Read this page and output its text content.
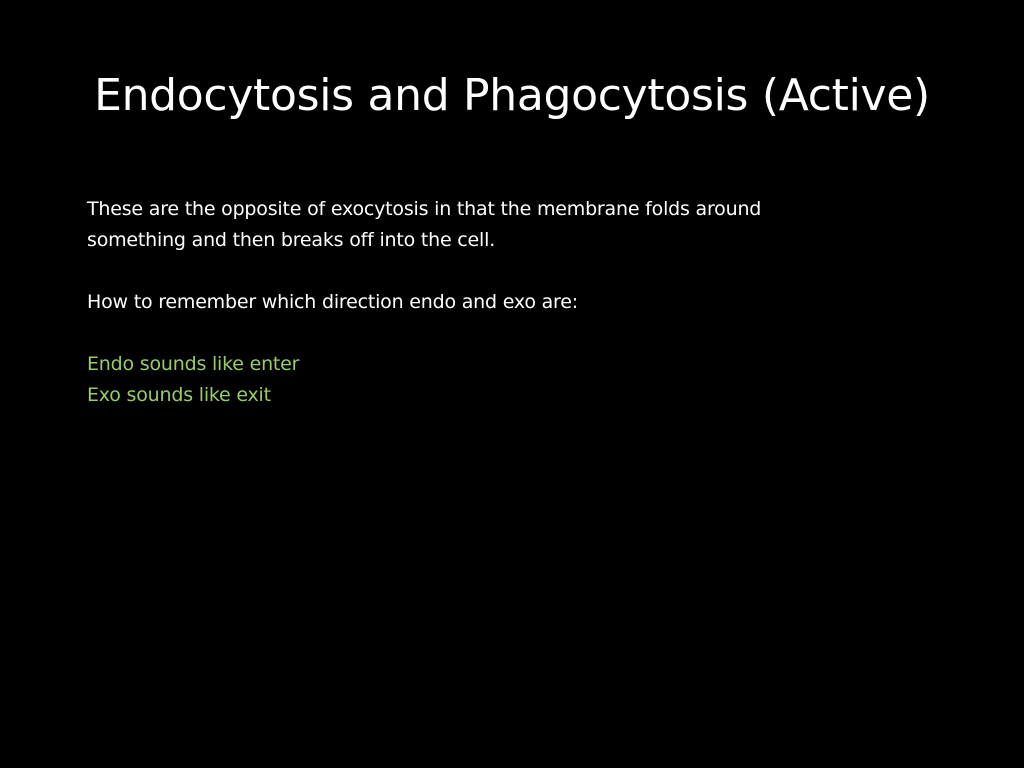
Endocytosis and Phagocytosis (Active)

These are the opposite of exocytosis in that the membrane folds around

something and then breaks off into the cell.

How to remember which direction endo and exo are:

Endo sounds like enter

Exo sounds like exit
